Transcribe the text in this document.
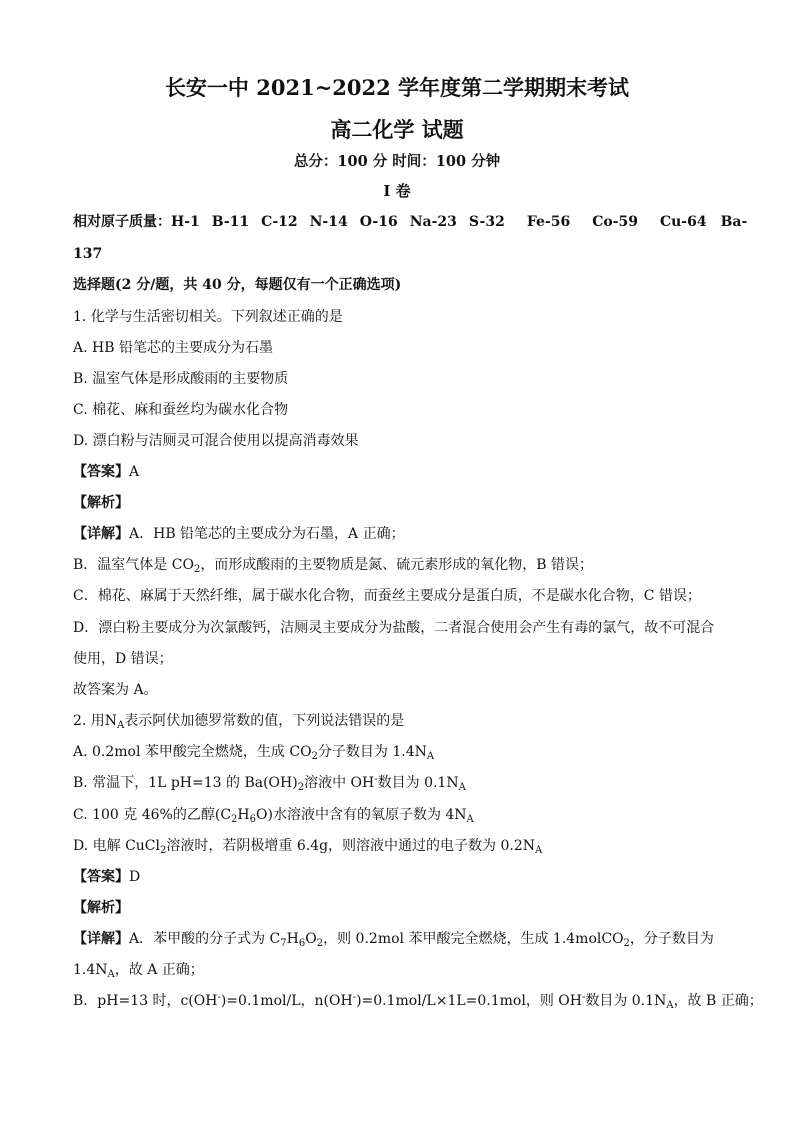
长安一中 2021~2022 学年度第二学期期末考试
高二化学 试题
总分：100 分 时间：100 分钟
I 卷
相对原子质量：H-1 B-11 C-12 N-14 O-16 Na-23 S-32 Fe-56 Co-59 Cu-64 Ba-
137
选择题(2 分/题，共 40 分，每题仅有一个正确选项)
1. 化学与生活密切相关。下列叙述正确的是
A. HB 铅笔芯的主要成分为石墨
B. 温室气体是形成酸雨的主要物质
C. 棉花、麻和蚕丝均为碳水化合物
D. 漂白粉与洁厕灵可混合使用以提高消毒效果
【答案】A
【解析】
【详解】A．HB 铅笔芯的主要成分为石墨，A 正确；
B．温室气体是 $CO_2$，而形成酸雨的主要物质是氮、硫元素形成的氧化物，B 错误；
C．棉花、麻属于天然纤维，属于碳水化合物，而蚕丝主要成分是蛋白质，不是碳水化合物，C 错误；
D．漂白粉主要成分为次氯酸钙，洁厕灵主要成分为盐酸，二者混合使用会产生有毒的氯气，故不可混合
使用，D 错误；
故答案为 A。
2. 用$N_A$表示阿伏加德罗常数的值，下列说法错误的是
A. 0.2mol 苯甲酸完全燃烧，生成 $CO_2$分子数目为 $1.4N_A$
B. 常温下，1L pH=13 的 $Ba(OH)_2$溶液中 OH-数目为 $0.1N_A$
C. 100 克 46%的乙醇$(C_2H_6O)$水溶液中含有的氧原子数为 $4N_A$
D. 电解 CuCl$_2$溶液时，若阴极增重 6.4g，则溶液中通过的电子数为 $0.2N_A$
【答案】D
【解析】
【详解】A．苯甲酸的分子式为 $C_7H_6O_2$，则 0.2mol 苯甲酸完全燃烧，生成 1.4molCO$_2$，分子数目为
$1.4N_A$，故 A 正确；
B．pH=13 时，c(OH-)=0.1mol/L，n(OH-)=0.1mol/L×1L=0.1mol，则 OH-数目为 $0.1N_A$，故 B 正确；
